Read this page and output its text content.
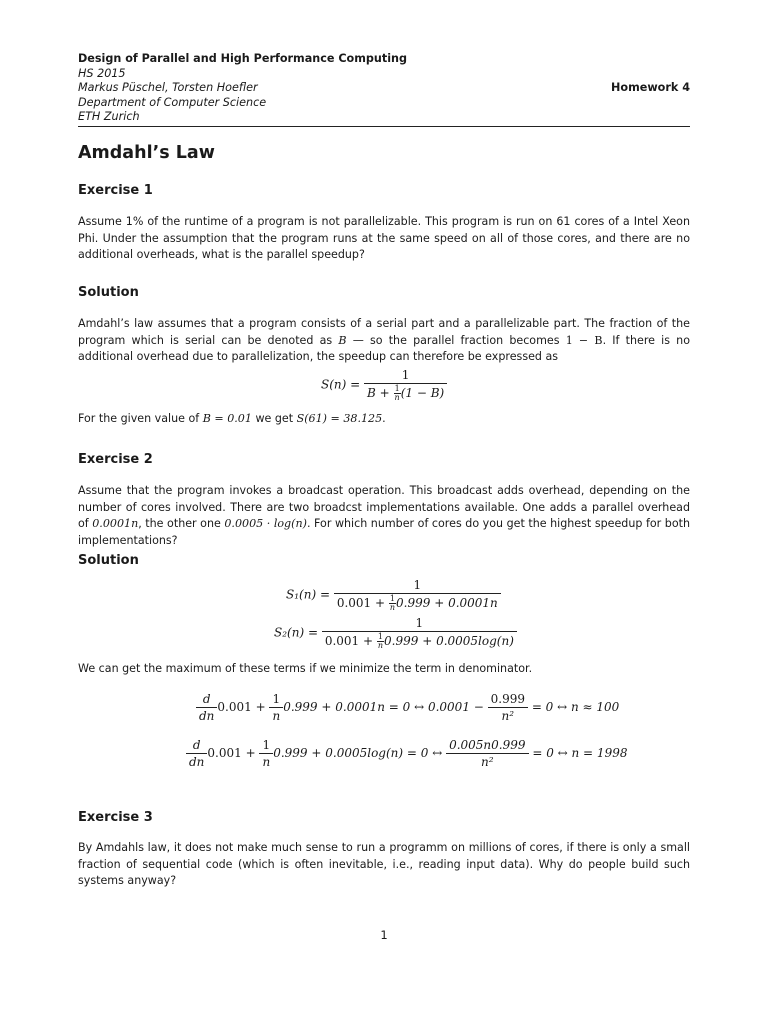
Design of Parallel and High Performance Computing
HS 2015
Markus Püschel, Torsten Hoefler
Department of Computer Science
ETH Zurich
Homework 4
Amdahl’s Law
Exercise 1
Assume 1% of the runtime of a program is not parallelizable. This program is run on 61 cores of a Intel Xeon Phi. Under the assumption that the program runs at the same speed on all of those cores, and there are no additional overheads, what is the parallel speedup?
Solution
Amdahl’s law assumes that a program consists of a serial part and a parallelizable part. The fraction of the program which is serial can be denoted as B — so the parallel fraction becomes 1 − B. If there is no additional overhead due to parallelization, the speedup can therefore be expressed as
$S(n) = \frac{1}{B + \frac{1}{n} (1 - B)}$
For the given value of B = 0.01 we get S(61) = 38.125.
Exercise 2
Assume that the program invokes a broadcast operation. This broadcast adds overhead, depending on the number of cores involved. There are two broadcst implementations available. One adds a parallel overhead of 0.0001n, the other one 0.0005 · log(n). For which number of cores do you get the highest speedup for both implementations?
Solution
$S_1(n) = \frac{1}{0.001 + \frac{1}{n} 0.999 + 0.0001n}$
$S_2(n) = \frac{1}{0.001 + \frac{1}{n} 0.999 + 0.0005\log(n)}$
We can get the maximum of these terms if we minimize the term in denominator.
$\frac{d}{dn} 0.001 + \frac{1}{n} 0.999 + 0.0001n = 0$ ↔ $0.0001 - \frac{0.999}{\text{n²}} = 0$ ↔ n ≈ 100
$\frac{d}{dn} 0.001 + \frac{1}{n} 0.999 + 0.0005\log(n) = 0$ ↔ $\frac{0.005n0.999}{\text{n²}} = 0$ ↔ n = 1998
Exercise 3
By Amdahls law, it does not make much sense to run a programm on millions of cores, if there is only a small fraction of sequential code (which is often inevitable, i.e., reading input data). Why do people build such systems anyway?
1
